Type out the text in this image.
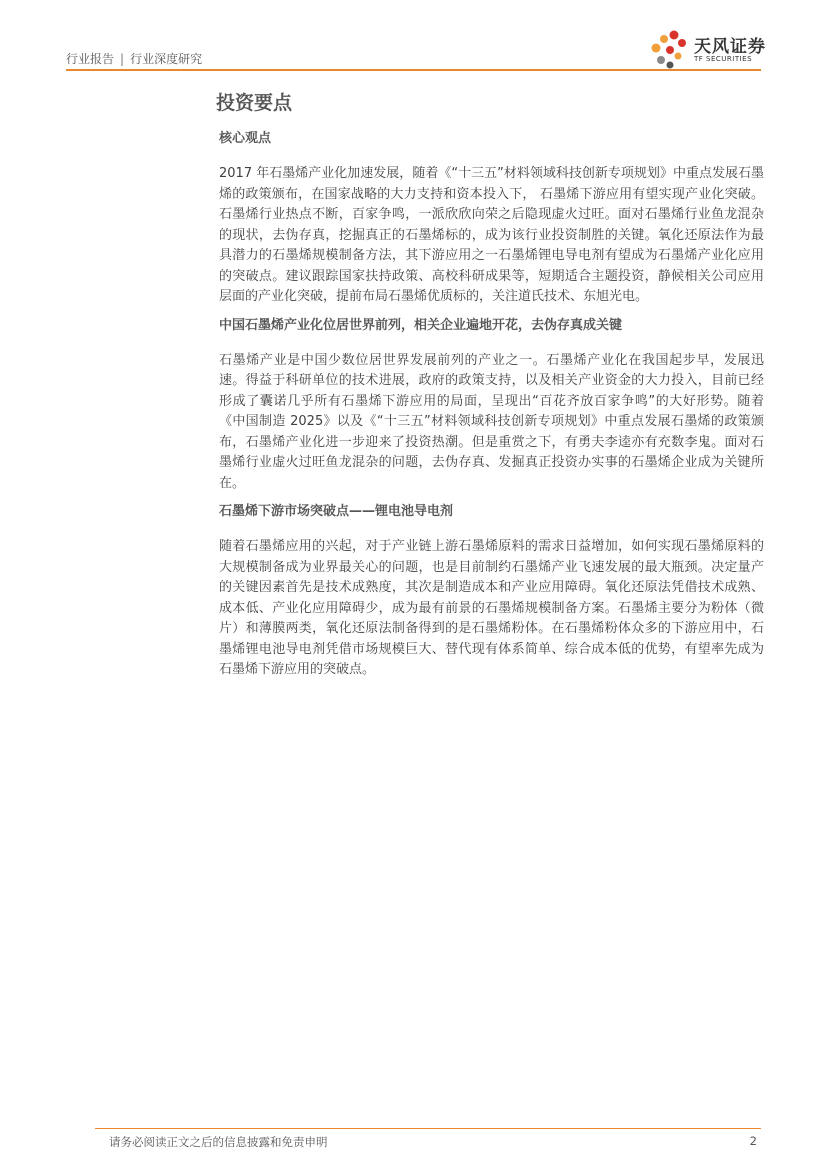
行业报告 | 行业深度研究
天风证券
TF SECURITIES
投资要点
核心观点

2017 年石墨烯产业化加速发展，随着《“十三五”材料领域科技创新专项规划》中重点发展石墨烯的政策颁布，在国家战略的大力支持和资本投入下， 石墨烯下游应用有望实现产业化突破。石墨烯行业热点不断，百家争鸣，一派欣欣向荣之后隐现虚火过旺。面对石墨烯行业鱼龙混杂的现状，去伪存真，挖掘真正的石墨烯标的，成为该行业投资制胜的关键。氧化还原法作为最具潜力的石墨烯规模制备方法，其下游应用之一石墨烯锂电导电剂有望成为石墨烯产业化应用的突破点。建议跟踪国家扶持政策、高校科研成果等，短期适合主题投资，静候相关公司应用层面的产业化突破，提前布局石墨烯优质标的，关注道氏技术、东旭光电。

中国石墨烯产业化位居世界前列，相关企业遍地开花，去伪存真成关键

石墨烯产业是中国少数位居世界发展前列的产业之一。石墨烯产业化在我国起步早，发展迅速。得益于科研单位的技术进展，政府的政策支持，以及相关产业资金的大力投入，目前已经形成了囊诺几乎所有石墨烯下游应用的局面，呈现出“百花齐放百家争鸣”的大好形势。随着《中国制造 2025》以及《“十三五”材料领域科技创新专项规划》中重点发展石墨烯的政策颁布，石墨烯产业化进一步迎来了投资热潮。但是重赏之下，有勇夫李逵亦有充数李鬼。面对石墨烯行业虚火过旺鱼龙混杂的问题，去伪存真、发掘真正投资办实事的石墨烯企业成为关键所在。

石墨烯下游市场突破点——锂电池导电剂

随着石墨烯应用的兴起，对于产业链上游石墨烯原料的需求日益增加，如何实现石墨烯原料的大规模制备成为业界最关心的问题，也是目前制约石墨烯产业飞速发展的最大瓶颈。决定量产的关键因素首先是技术成熟度，其次是制造成本和产业应用障碍。氧化还原法凭借技术成熟、成本低、产业化应用障碍少，成为最有前景的石墨烯规模制备方案。石墨烯主要分为粉体（微片）和薄膜两类，氧化还原法制备得到的是石墨烯粉体。在石墨烯粉体众多的下游应用中，石墨烯锂电池导电剂凭借市场规模巨大、替代现有体系简单、综合成本低的优势，有望率先成为石墨烯下游应用的突破点。

请务必阅读正文之后的信息披露和免责申明	2
